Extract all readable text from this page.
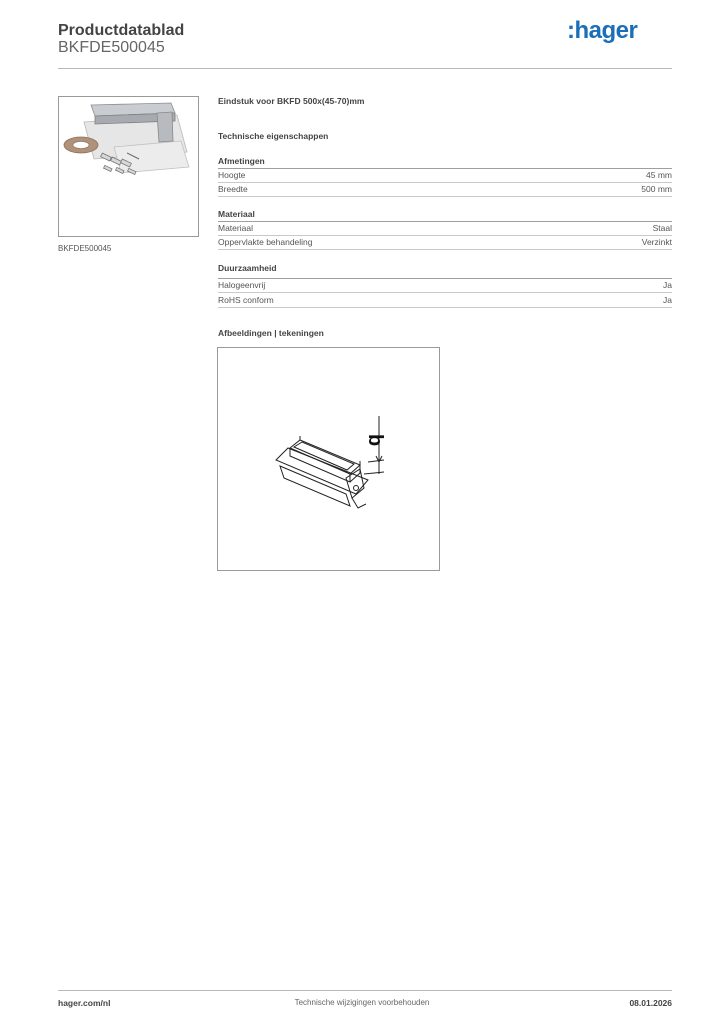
Productdatablad
BKFDE500045
:hager
BKFDE500045
Eindstuk voor BKFD 500x(45-70)mm
Technische eigenschappen
Afmetingen
Hoogte	45 mm
Breedte	500 mm
Materiaal
Materiaal	Staal
Oppervlakte behandeling	Verzinkt
Duurzaamheid
Halogeenvrij	Ja
RoHS conform	Ja
Afbeeldingen | tekeningen
b
hager.com/nl	Technische wijzigingen voorbehouden	08.01.2026
